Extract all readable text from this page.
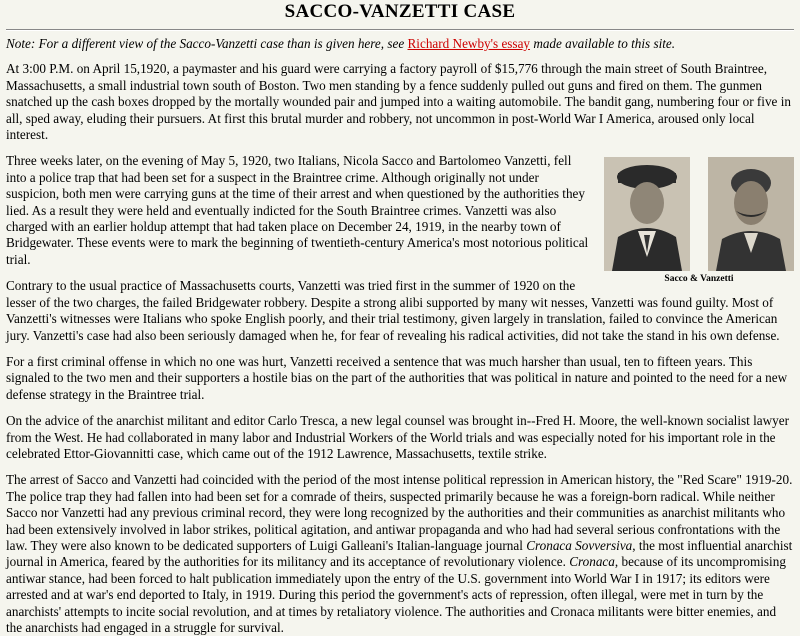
SACCO-VANZETTI CASE

Note: For a different view of the Sacco-Vanzetti case than is given here, see Richard Newby's essay made available to this site.

At 3:00 P.M. on April 15,1920, a paymaster and his guard were carrying a factory payroll of $15,776 through the main street of South Braintree, Massachusetts, a small industrial town south of Boston. Two men standing by a fence suddenly pulled out guns and fired on them. The gunmen snatched up the cash boxes dropped by the mortally wounded pair and jumped into a waiting automobile. The bandit gang, numbering four or five in all, sped away, eluding their pursuers. At first this brutal murder and robbery, not uncommon in post-World War I America, aroused only local interest.

Sacco & Vanzetti

Three weeks later, on the evening of May 5, 1920, two Italians, Nicola Sacco and Bartolomeo Vanzetti, fell into a police trap that had been set for a suspect in the Braintree crime. Although originally not under suspicion, both men were carrying guns at the time of their arrest and when questioned by the authorities they lied. As a result they were held and eventually indicted for the South Braintree crimes. Vanzetti was also charged with an earlier holdup attempt that had taken place on December 24, 1919, in the nearby town of Bridgewater. These events were to mark the beginning of twentieth-century America's most notorious political trial.

Contrary to the usual practice of Massachusetts courts, Vanzetti was tried first in the summer of 1920 on the lesser of the two charges, the failed Bridgewater robbery. Despite a strong alibi supported by many wit nesses, Vanzetti was found guilty. Most of Vanzetti's witnesses were Italians who spoke English poorly, and their trial testimony, given largely in translation, failed to convince the American jury. Vanzetti's case had also been seriously damaged when he, for fear of revealing his radical activities, did not take the stand in his own defense.

For a first criminal offense in which no one was hurt, Vanzetti received a sentence that was much harsher than usual, ten to fifteen years. This signaled to the two men and their supporters a hostile bias on the part of the authorities that was political in nature and pointed to the need for a new defense strategy in the Braintree trial.

On the advice of the anarchist militant and editor Carlo Tresca, a new legal counsel was brought in--Fred H. Moore, the well-known socialist lawyer from the West. He had collaborated in many labor and Industrial Workers of the World trials and was especially noted for his important role in the celebrated Ettor-Giovannitti case, which came out of the 1912 Lawrence, Massachusetts, textile strike.

The arrest of Sacco and Vanzetti had coincided with the period of the most intense political repression in American history, the "Red Scare" 1919-20. The police trap they had fallen into had been set for a comrade of theirs, suspected primarily because he was a foreign-born radical. While neither Sacco nor Vanzetti had any previous criminal record, they were long recognized by the authorities and their communities as anarchist militants who had been extensively involved in labor strikes, political agitation, and antiwar propaganda and who had had several serious confrontations with the law. They were also known to be dedicated supporters of Luigi Galleani's Italian-language journal Cronaca Sovversiva, the most influential anarchist journal in America, feared by the authorities for its militancy and its acceptance of revolutionary violence. Cronaca, because of its uncompromising antiwar stance, had been forced to halt publication immediately upon the entry of the U.S. government into World War I in 1917; its editors were arrested and at war's end deported to Italy, in 1919. During this period the government's acts of repression, often illegal, were met in turn by the anarchists' attempts to incite social revolution, and at times by retaliatory violence. The authorities and Cronaca militants were bitter enemies, and the anarchists had engaged in a struggle for survival.
